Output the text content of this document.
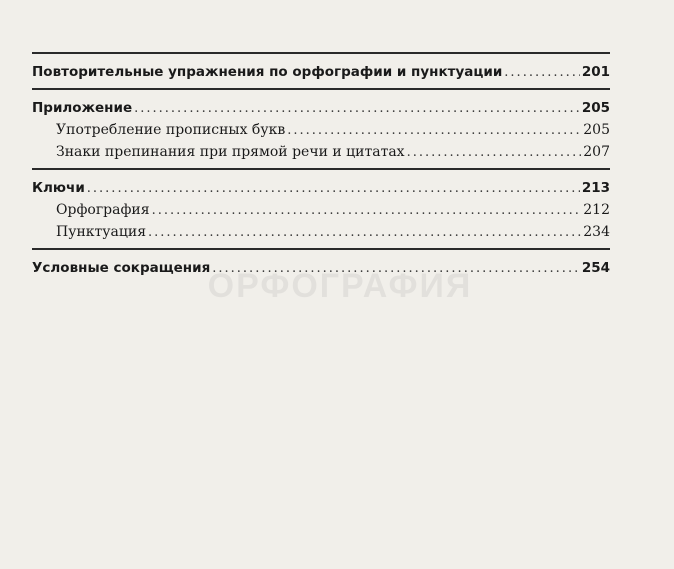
ОРФОГРАФИЯ
Повторительные упражнения по орфографии и пунктуации .....	201
Приложение .....	205
Употребление прописных букв .....	205
Знаки препинания при прямой речи и цитатах .....	207
Ключи .....	213
Орфография .....	212
Пунктуация .....	234
Условные сокращения .....	254
